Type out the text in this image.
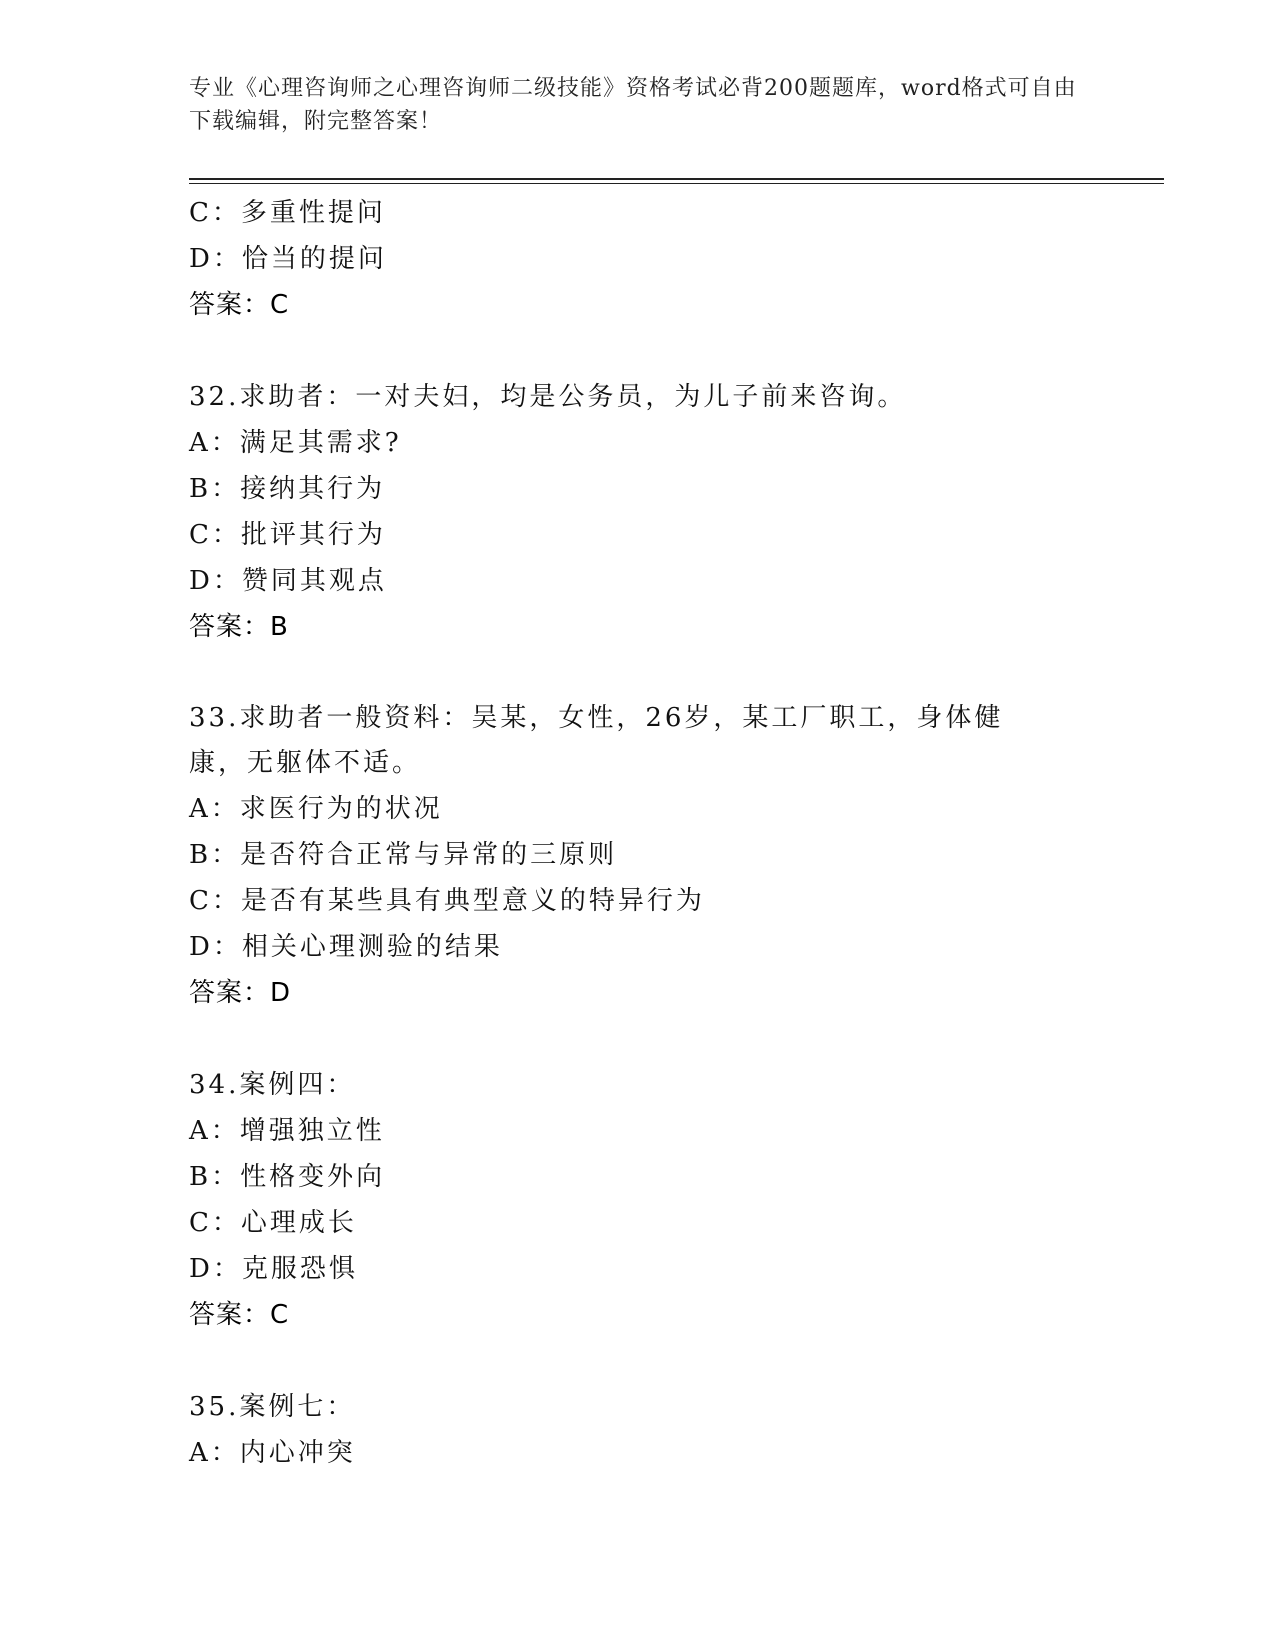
专业《心理咨询师之心理咨询师二级技能》资格考试必背200题题库，word格式可自由下载编辑，附完整答案！
C：多重性提问
D：恰当的提问
答案：C
32.求助者：一对夫妇，均是公务员，为儿子前来咨询。
A：满足其需求?
B：接纳其行为
C：批评其行为
D：赞同其观点
答案：B
33.求助者一般资料：吴某，女性，26岁，某工厂职工，身体健康，无躯体不适。
A：求医行为的状况
B：是否符合正常与异常的三原则
C：是否有某些具有典型意义的特异行为
D：相关心理测验的结果
答案：D
34.案例四：
A：增强独立性
B：性格变外向
C：心理成长
D：克服恐惧
答案：C
35.案例七：
A：内心冲突
